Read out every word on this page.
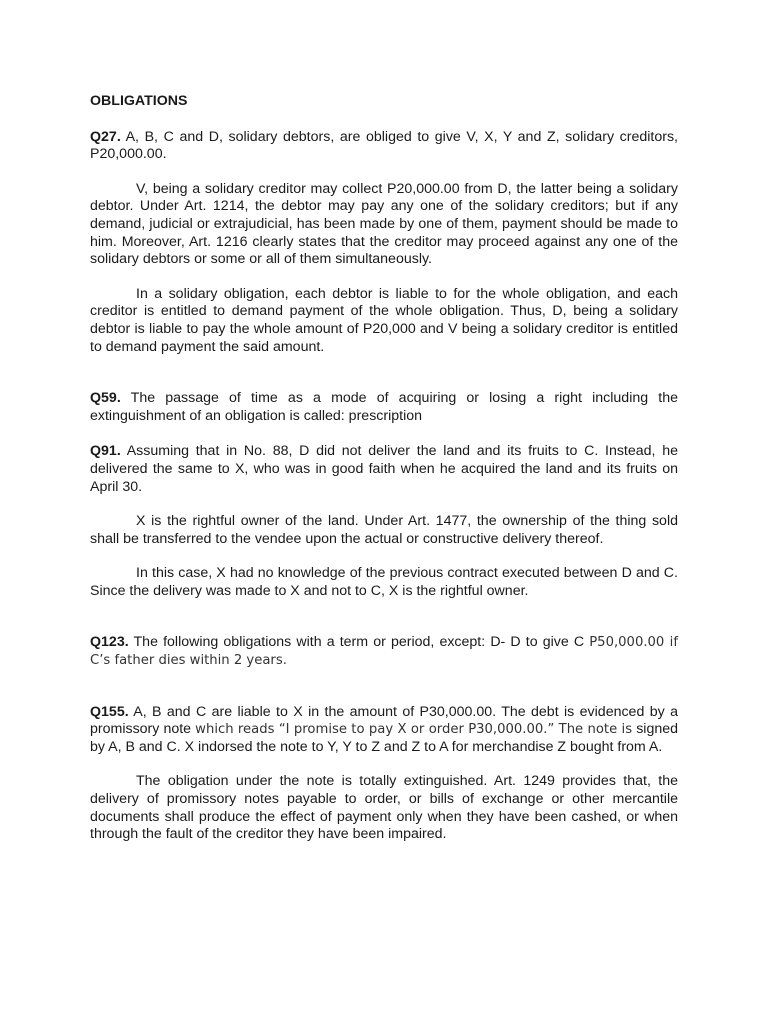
OBLIGATIONS

Q27. A, B, C and D, solidary debtors, are obliged to give V, X, Y and Z, solidary creditors, P20,000.00.

V, being a solidary creditor may collect P20,000.00 from D, the latter being a solidary debtor. Under Art. 1214, the debtor may pay any one of the solidary creditors; but if any demand, judicial or extrajudicial, has been made by one of them, payment should be made to him. Moreover, Art. 1216 clearly states that the creditor may proceed against any one of the solidary debtors or some or all of them simultaneously.

In a solidary obligation, each debtor is liable to for the whole obligation, and each creditor is entitled to demand payment of the whole obligation. Thus, D, being a solidary debtor is liable to pay the whole amount of P20,000 and V being a solidary creditor is entitled to demand payment the said amount.

Q59. The passage of time as a mode of acquiring or losing a right including the extinguishment of an obligation is called: prescription

Q91. Assuming that in No. 88, D did not deliver the land and its fruits to C. Instead, he delivered the same to X, who was in good faith when he acquired the land and its fruits on April 30.

X is the rightful owner of the land. Under Art. 1477, the ownership of the thing sold shall be transferred to the vendee upon the actual or constructive delivery thereof.

In this case, X had no knowledge of the previous contract executed between D and C. Since the delivery was made to X and not to C, X is the rightful owner.

Q123. The following obligations with a term or period, except: D- D to give C P50,000.00 if C’s father dies within 2 years.

Q155. A, B and C are liable to X in the amount of P30,000.00. The debt is evidenced by a promissory note which reads “I promise to pay X or order P30,000.00.” The note is signed by A, B and C. X indorsed the note to Y, Y to Z and Z to A for merchandise Z bought from A.

The obligation under the note is totally extinguished. Art. 1249 provides that, the delivery of promissory notes payable to order, or bills of exchange or other mercantile documents shall produce the effect of payment only when they have been cashed, or when through the fault of the creditor they have been impaired.
